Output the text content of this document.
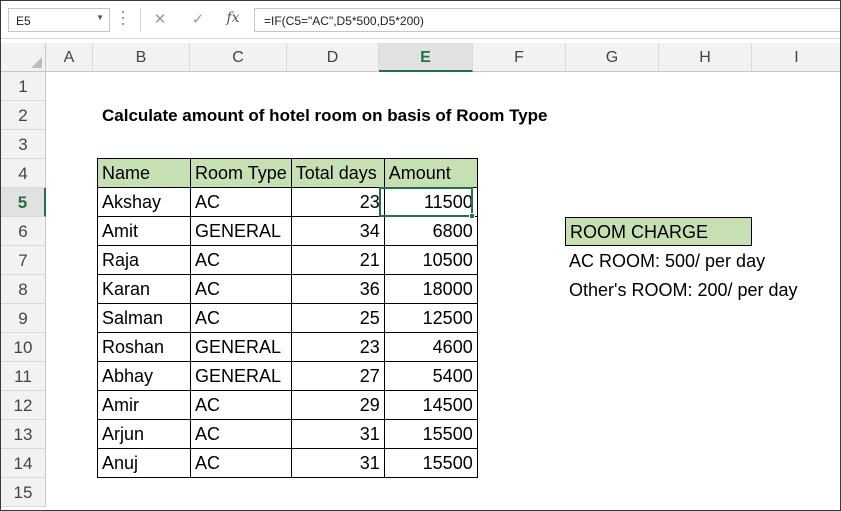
E5	▼	✕ ✓ fx	=IF(C5="AC",D5*500,D5*200)
A	B	C	D	E	F	G	H	I
1
2
3
4
5
6
7
8
9
10
11
12
13
14
15
Calculate amount of hotel room on basis of Room Type
Name	Room Type	Total days	Amount
Akshay	AC	23	11500
Amit	GENERAL	34	6800
Raja	AC	21	10500
Karan	AC	36	18000
Salman	AC	25	12500
Roshan	GENERAL	23	4600
Abhay	GENERAL	27	5400
Amir	AC	29	14500
Arjun	AC	31	15500
Anuj	AC	31	15500
ROOM CHARGE
AC ROOM: 500/ per day
Other's ROOM: 200/ per day
